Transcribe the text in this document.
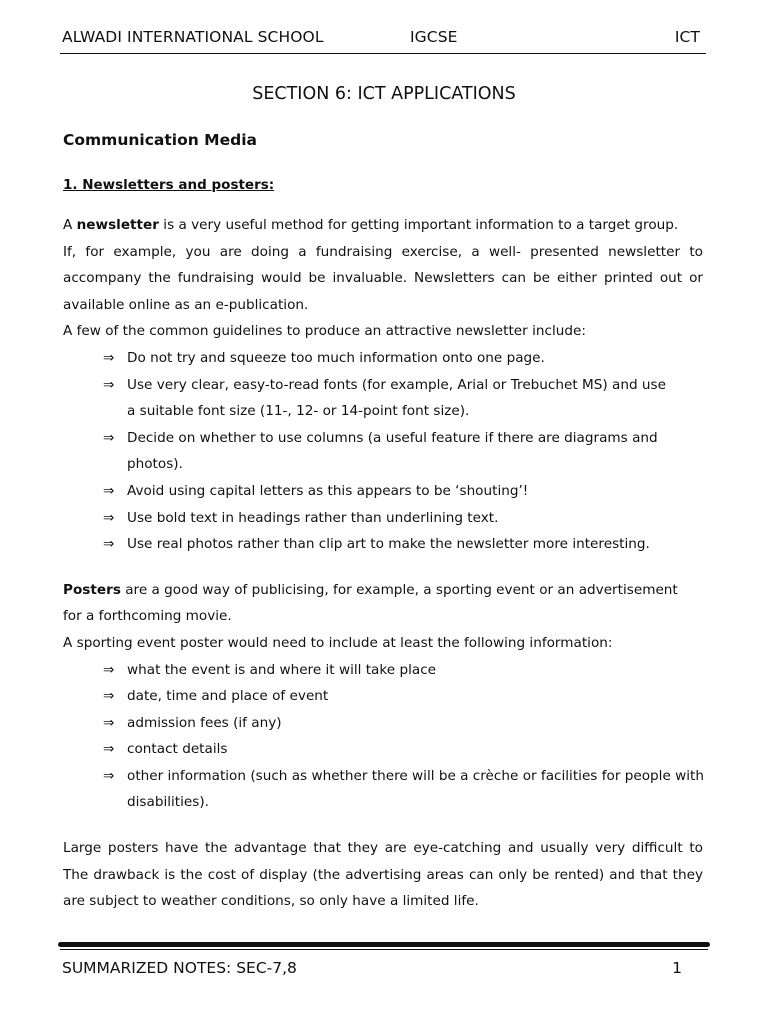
ALWADI INTERNATIONAL SCHOOL	IGCSE	ICT
SECTION 6: ICT APPLICATIONS
Communication Media
1. Newsletters and posters:
A newsletter is a very useful method for getting important information to a target group.
If, for example, you are doing a fundraising exercise, a well- presented newsletter to
accompany the fundraising would be invaluable. Newsletters can be either printed out or
available online as an e-publication.
A few of the common guidelines to produce an attractive newsletter include:
⇒ Do not try and squeeze too much information onto one page.
⇒ Use very clear, easy-to-read fonts (for example, Arial or Trebuchet MS) and use
a suitable font size (11-, 12- or 14-point font size).
⇒ Decide on whether to use columns (a useful feature if there are diagrams and
photos).
⇒ Avoid using capital letters as this appears to be ‘shouting’!
⇒ Use bold text in headings rather than underlining text.
⇒ Use real photos rather than clip art to make the newsletter more interesting.
Posters are a good way of publicising, for example, a sporting event or an advertisement
for a forthcoming movie.
A sporting event poster would need to include at least the following information:
⇒ what the event is and where it will take place
⇒ date, time and place of event
⇒ admission fees (if any)
⇒ contact details
⇒ other information (such as whether there will be a crèche or facilities for people with
disabilities).
Large posters have the advantage that they are eye-catching and usually very difficult to
The drawback is the cost of display (the advertising areas can only be rented) and that they
are subject to weather conditions, so only have a limited life.
SUMMARIZED NOTES: SEC-7,8	1
